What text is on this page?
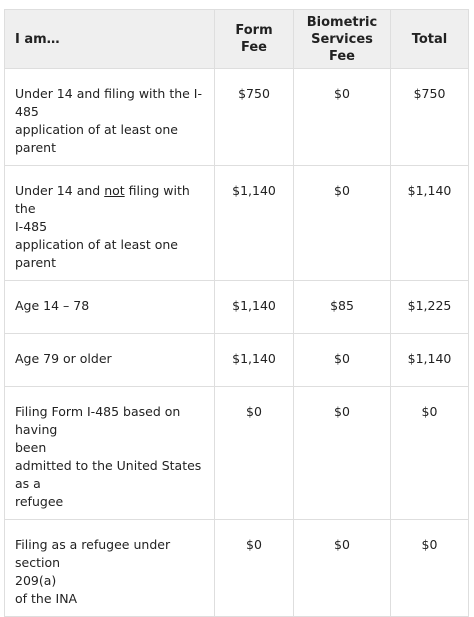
I am…	Form Fee	Biometric Services Fee	Total

Under 14 and filing with the I-485
application of at least one parent	$750	$0	$750

Under 14 and not filing with the
I-485
application of at least one parent	$1,140	$0	$1,140

Age 14 – 78	$1,140	$85	$1,225

Age 79 or older	$1,140	$0	$1,140

Filing Form I-485 based on having
been
admitted to the United States as a
refugee	$0	$0	$0

Filing as a refugee under section
209(a)
of the INA	$0	$0	$0
